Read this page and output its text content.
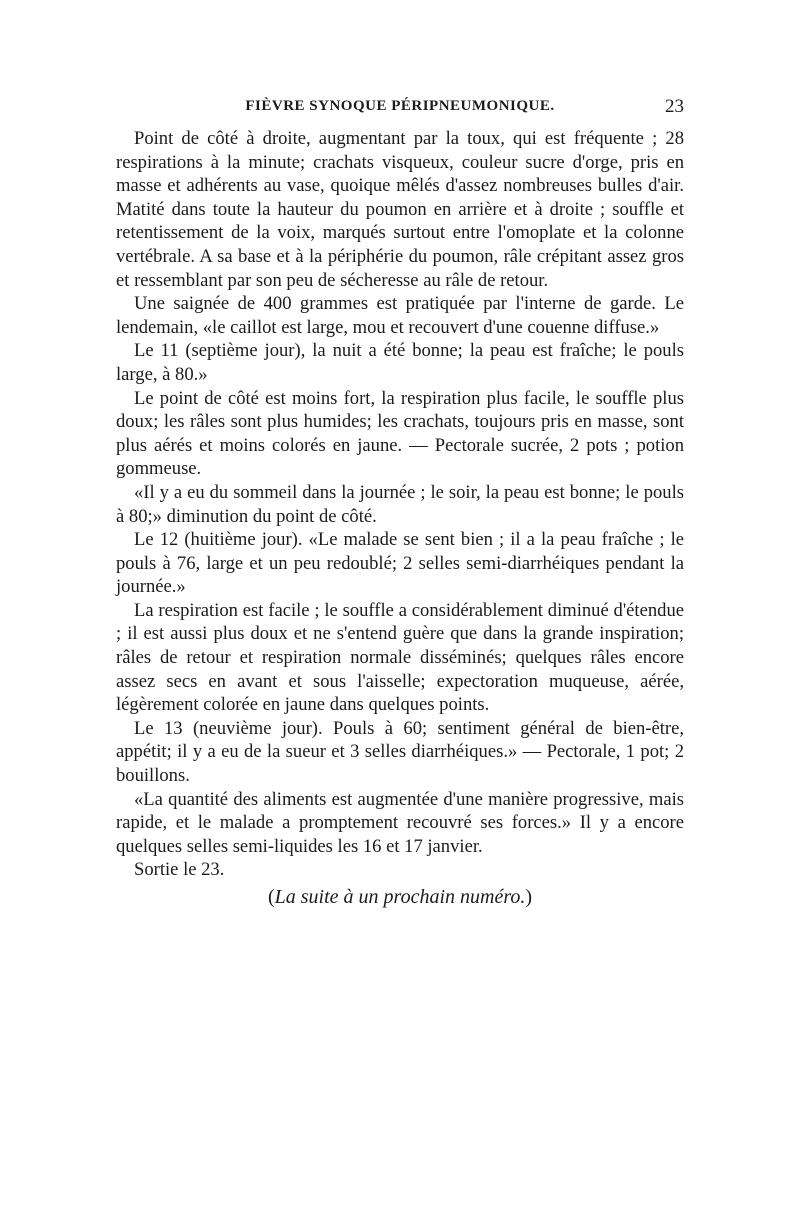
FIÈVRE SYNOQUE PÉRIPNEUMONIQUE.	23

Point de côté à droite, augmentant par la toux, qui est fréquente ; 28 respirations à la minute; crachats visqueux, couleur sucre d'orge, pris en masse et adhérents au vase, quoique mêlés d'assez nombreuses bulles d'air. Matité dans toute la hauteur du poumon en arrière et à droite ; souffle et retentissement de la voix, marqués surtout entre l'omoplate et la colonne vertébrale. A sa base et à la périphérie du poumon, râle crépitant assez gros et ressemblant par son peu de sécheresse au râle de retour.

Une saignée de 400 grammes est pratiquée par l'interne de garde. Le lendemain, «le caillot est large, mou et recouvert d'une couenne diffuse.»

Le 11 (septième jour), la nuit a été bonne; la peau est fraîche; le pouls large, à 80.»

Le point de côté est moins fort, la respiration plus facile, le souffle plus doux; les râles sont plus humides; les crachats, toujours pris en masse, sont plus aérés et moins colorés en jaune. — Pectorale sucrée, 2 pots ; potion gommeuse.

«Il y a eu du sommeil dans la journée ; le soir, la peau est bonne; le pouls à 80;» diminution du point de côté.

Le 12 (huitième jour). «Le malade se sent bien ; il a la peau fraîche ; le pouls à 76, large et un peu redoublé; 2 selles semi-diarrhéiques pendant la journée.»

La respiration est facile ; le souffle a considérablement diminué d'étendue ; il est aussi plus doux et ne s'entend guère que dans la grande inspiration; râles de retour et respiration normale disséminés; quelques râles encore assez secs en avant et sous l'aisselle; expectoration muqueuse, aérée, légèrement colorée en jaune dans quelques points.

Le 13 (neuvième jour). Pouls à 60; sentiment général de bien-être, appétit; il y a eu de la sueur et 3 selles diarrhéiques.» — Pectorale, 1 pot; 2 bouillons.

«La quantité des aliments est augmentée d'une manière progressive, mais rapide, et le malade a promptement recouvré ses forces.» Il y a encore quelques selles semi-liquides les 16 et 17 janvier.

Sortie le 23.

(La suite à un prochain numéro.)
